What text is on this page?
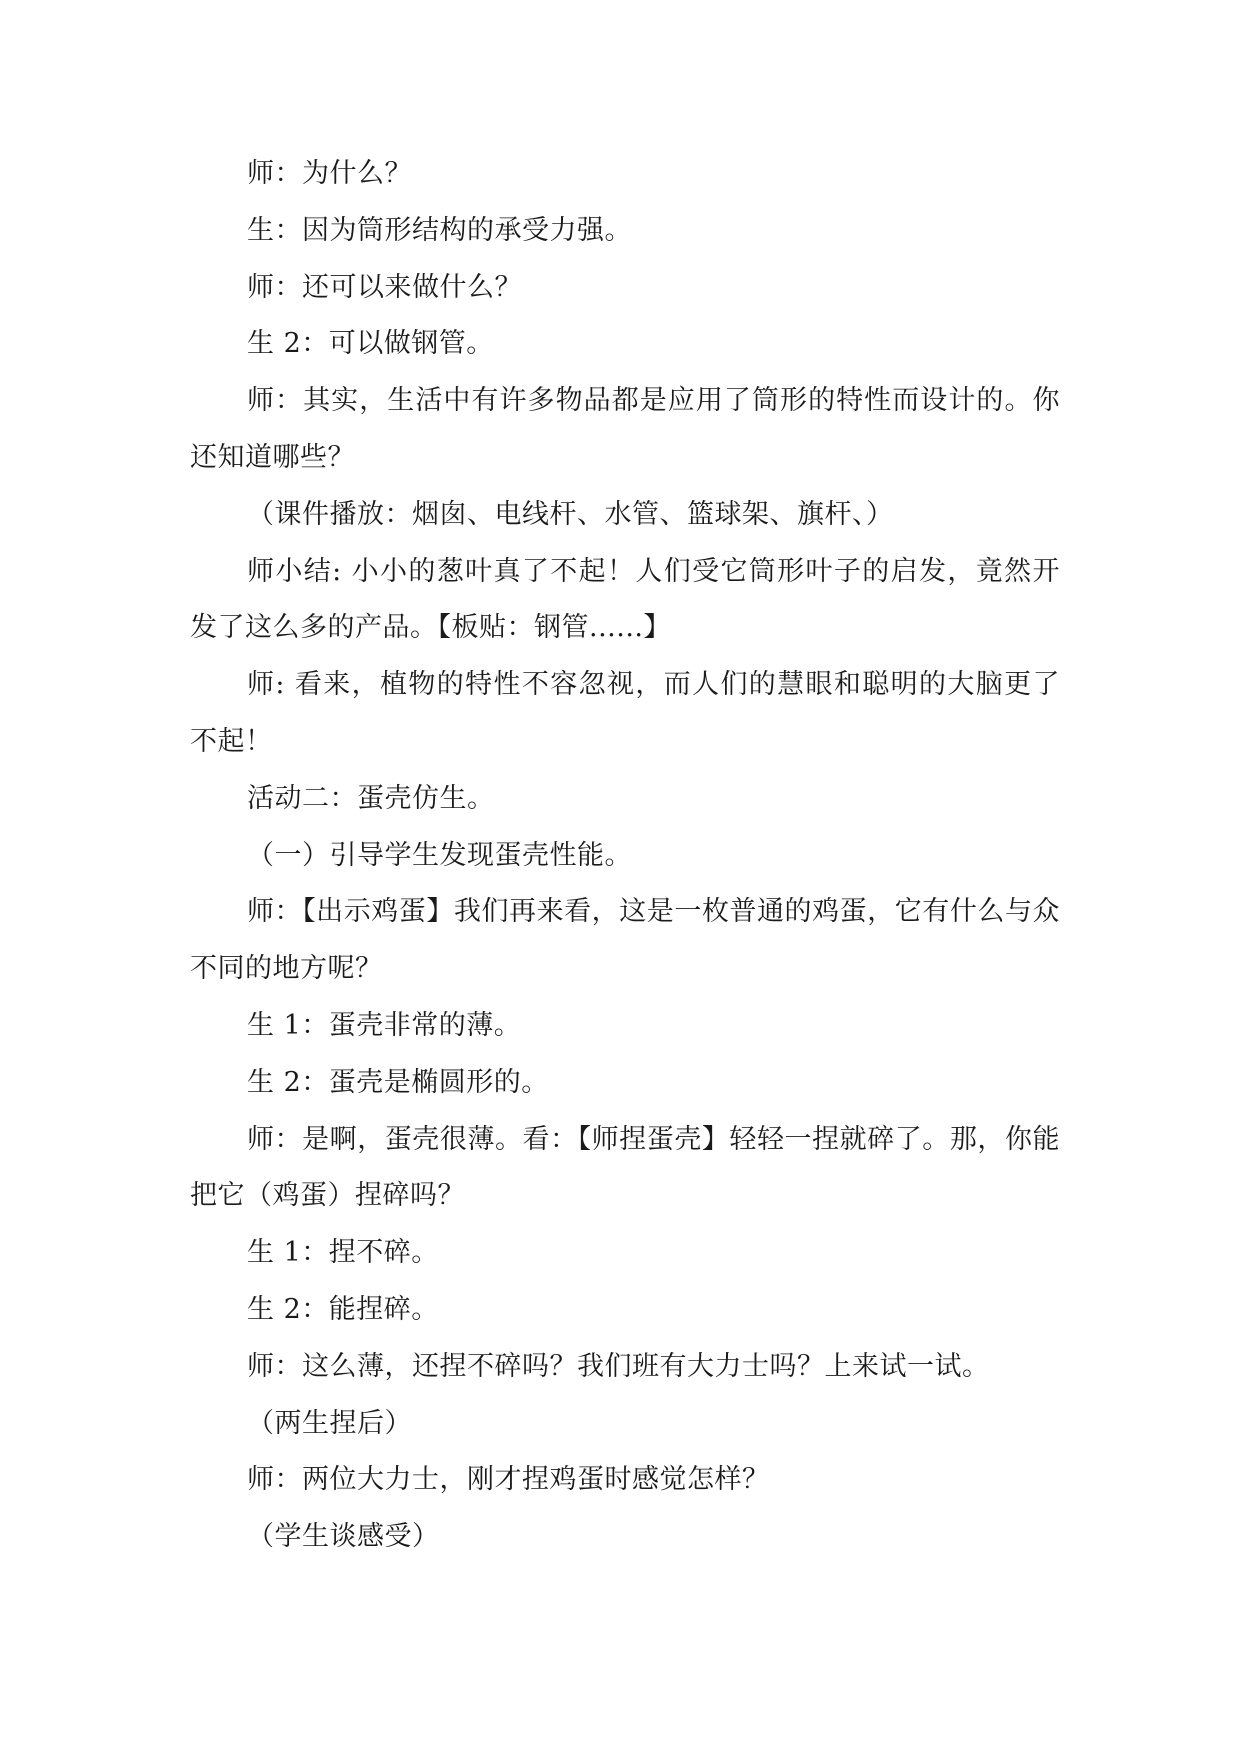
师：为什么？

生：因为筒形结构的承受力强。

师：还可以来做什么？

生 2：可以做钢管。

师：其实，生活中有许多物品都是应用了筒形的特性而设计的。你还知道哪些？

（课件播放：烟囱、电线杆、水管、篮球架、旗杆、）

师小结: 小小的葱叶真了不起！人们受它筒形叶子的启发，竟然开发了这么多的产品。【板贴：钢管......】

师: 看来，植物的特性不容忽视，而人们的慧眼和聪明的大脑更了不起！

活动二：蛋壳仿生。

（一）引导学生发现蛋壳性能。

师：【出示鸡蛋】我们再来看，这是一枚普通的鸡蛋，它有什么与众不同的地方呢？

生 1：蛋壳非常的薄。

生 2：蛋壳是椭圆形的。

师：是啊，蛋壳很薄。看：【师捏蛋壳】轻轻一捏就碎了。那，你能把它（鸡蛋）捏碎吗？

生 1：捏不碎。

生 2：能捏碎。

师：这么薄，还捏不碎吗？我们班有大力士吗？上来试一试。

（两生捏后）

师：两位大力士，刚才捏鸡蛋时感觉怎样？

（学生谈感受）
